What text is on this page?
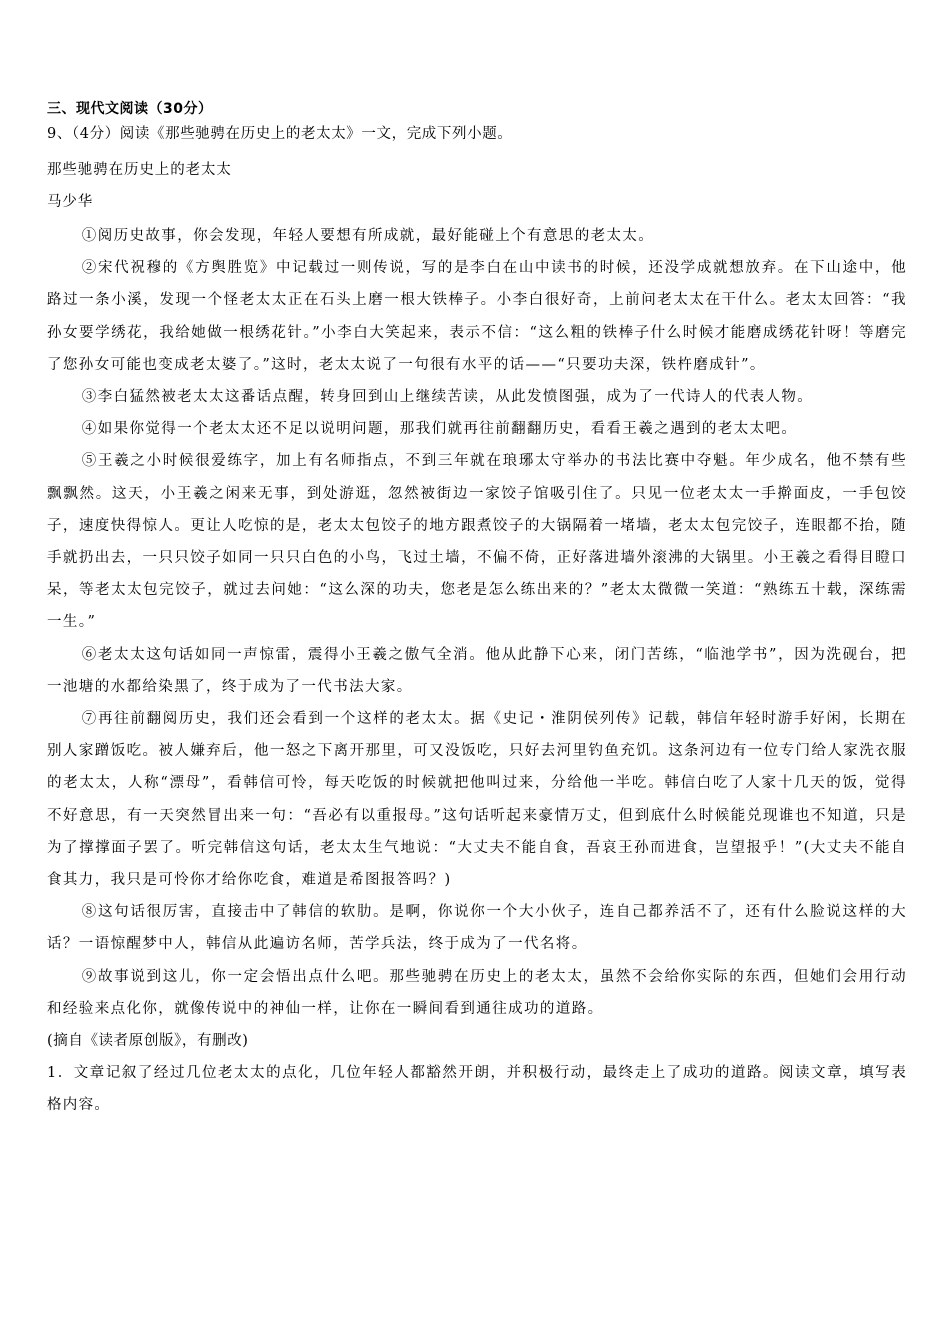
三、现代文阅读（30分）

9、（4分）阅读《那些驰骋在历史上的老太太》一文，完成下列小题。

那些驰骋在历史上的老太太

马少华

①阅历史故事，你会发现，年轻人要想有所成就，最好能碰上个有意思的老太太。

②宋代祝穆的《方舆胜览》中记载过一则传说，写的是李白在山中读书的时候，还没学成就想放弃。在下山途中，他路过一条小溪，发现一个怪老太太正在石头上磨一根大铁棒子。小李白很好奇，上前问老太太在干什么。老太太回答：“我孙女要学绣花，我给她做一根绣花针。”小李白大笑起来，表示不信：“这么粗的铁棒子什么时候才能磨成绣花针呀！等磨完了您孙女可能也变成老太婆了。”这时，老太太说了一句很有水平的话——“只要功夫深，铁杵磨成针”。

③李白猛然被老太太这番话点醒，转身回到山上继续苦读，从此发愤图强，成为了一代诗人的代表人物。

④如果你觉得一个老太太还不足以说明问题，那我们就再往前翻翻历史，看看王羲之遇到的老太太吧。

⑤王羲之小时候很爱练字，加上有名师指点，不到三年就在琅琊太守举办的书法比赛中夺魁。年少成名，他不禁有些飘飘然。这天，小王羲之闲来无事，到处游逛，忽然被街边一家饺子馆吸引住了。只见一位老太太一手擀面皮，一手包饺子，速度快得惊人。更让人吃惊的是，老太太包饺子的地方跟煮饺子的大锅隔着一堵墙，老太太包完饺子，连眼都不抬，随手就扔出去，一只只饺子如同一只只白色的小鸟，飞过土墙，不偏不倚，正好落进墙外滚沸的大锅里。小王羲之看得目瞪口呆，等老太太包完饺子，就过去问她：“这么深的功夫，您老是怎么练出来的？”老太太微微一笑道：“熟练五十载，深练需一生。”

⑥老太太这句话如同一声惊雷，震得小王羲之傲气全消。他从此静下心来，闭门苦练，“临池学书”，因为洗砚台，把一池塘的水都给染黑了，终于成为了一代书法大家。

⑦再往前翻阅历史，我们还会看到一个这样的老太太。据《史记・淮阴侯列传》记载，韩信年轻时游手好闲，长期在别人家蹭饭吃。被人嫌弃后，他一怒之下离开那里，可又没饭吃，只好去河里钓鱼充饥。这条河边有一位专门给人家洗衣服的老太太，人称“漂母”，看韩信可怜，每天吃饭的时候就把他叫过来，分给他一半吃。韩信白吃了人家十几天的饭，觉得不好意思，有一天突然冒出来一句：“吾必有以重报母。”这句话听起来豪情万丈，但到底什么时候能兑现谁也不知道，只是为了撑撑面子罢了。听完韩信这句话，老太太生气地说：“大丈夫不能自食，吾哀王孙而进食，岂望报乎！”(大丈夫不能自食其力，我只是可怜你才给你吃食，难道是希图报答吗？)

⑧这句话很厉害，直接击中了韩信的软肋。是啊，你说你一个大小伙子，连自己都养活不了，还有什么脸说这样的大话？一语惊醒梦中人，韩信从此遍访名师，苦学兵法，终于成为了一代名将。

⑨故事说到这儿，你一定会悟出点什么吧。那些驰骋在历史上的老太太，虽然不会给你实际的东西，但她们会用行动和经验来点化你，就像传说中的神仙一样，让你在一瞬间看到通往成功的道路。

(摘自《读者原创版》，有删改)

1．文章记叙了经过几位老太太的点化，几位年轻人都豁然开朗，并积极行动，最终走上了成功的道路。阅读文章，填写表格内容。
